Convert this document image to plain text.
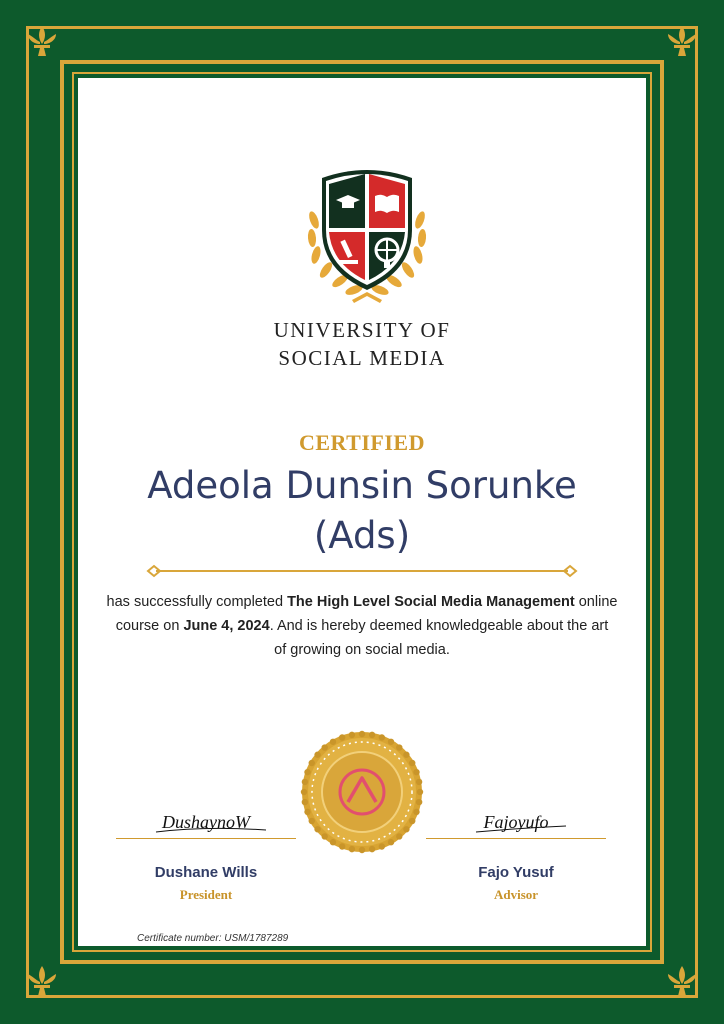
UNIVERSITY OF
SOCIAL MEDIA
CERTIFIED
Adeola Dunsin Sorunke
(Ads)
has successfully completed The High Level Social Media Management online
course on June 4, 2024. And is hereby deemed knowledgeable about the art
of growing on social media.
DushaynoW	Fajoyufo
Dushane Wills
President
Fajo Yusuf
Advisor
Certificate number: USM/1787289
